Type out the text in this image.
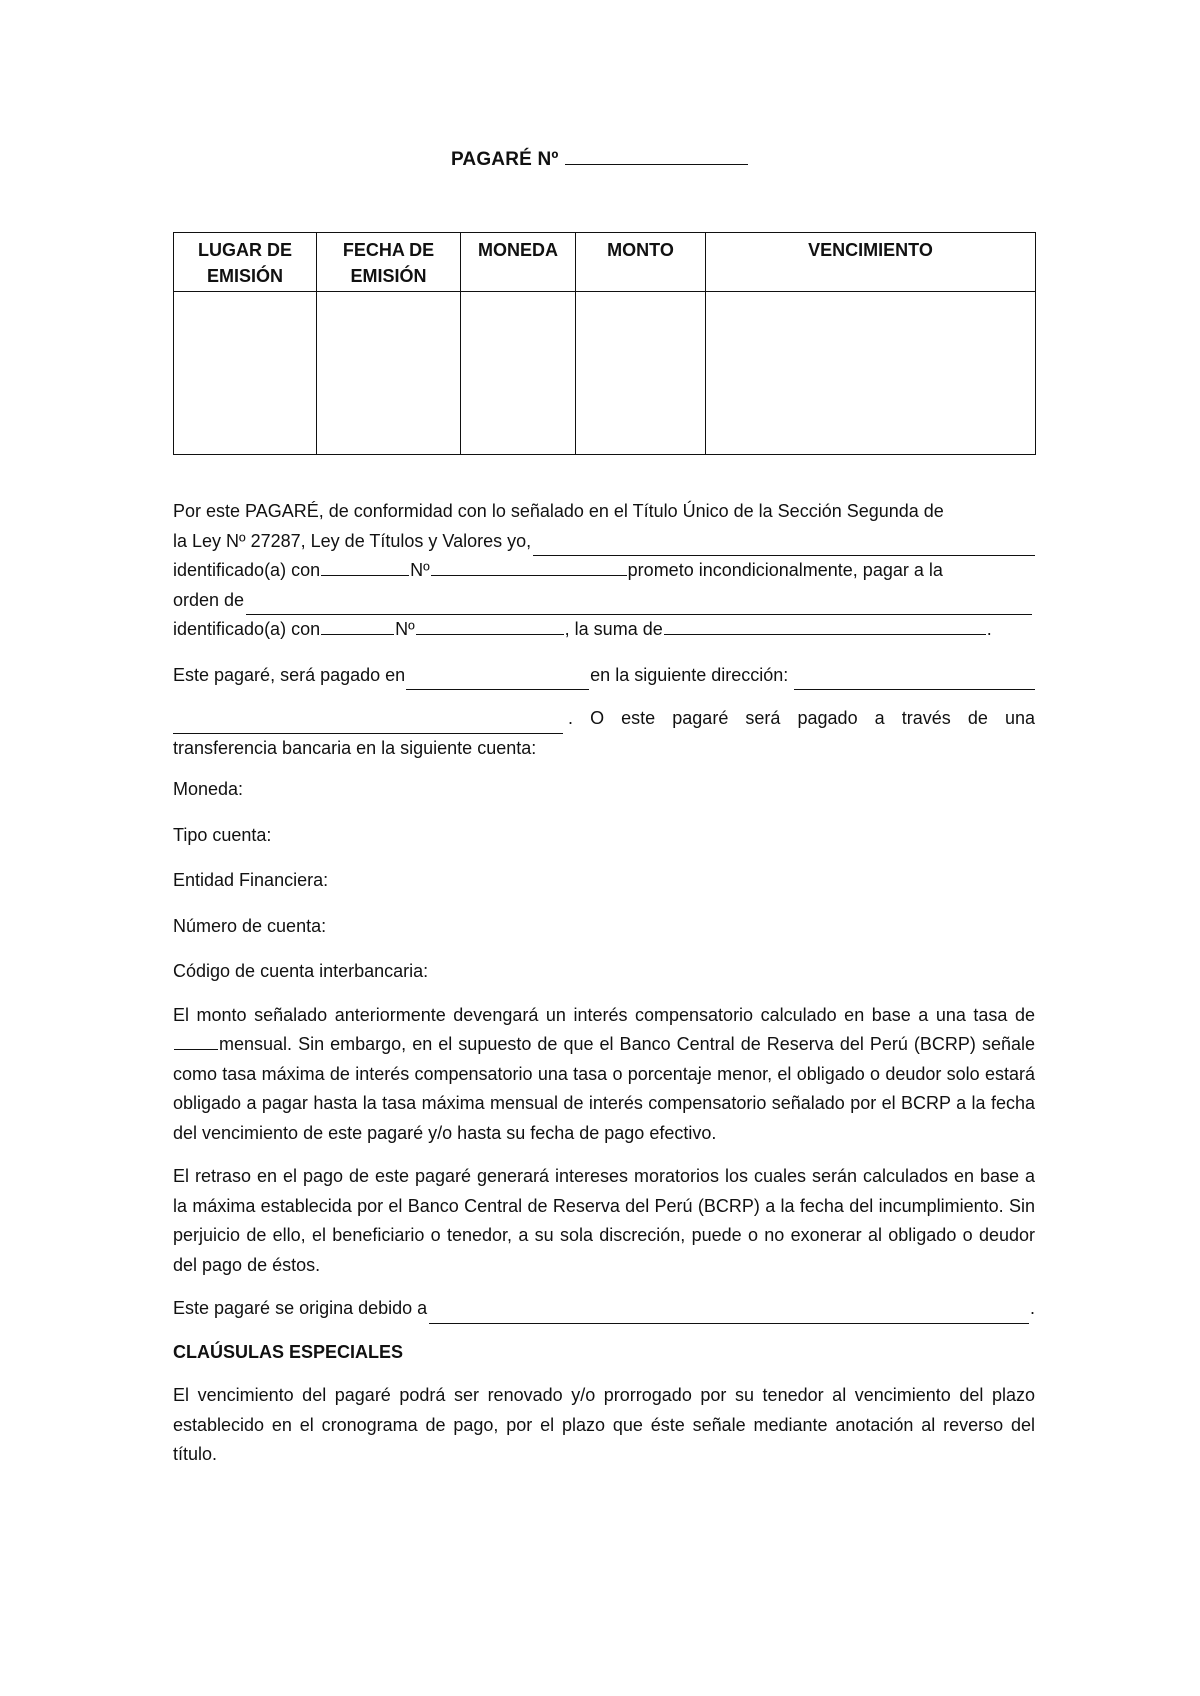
PAGARÉ Nº
LUGAR DE EMISIÓN	FECHA DE EMISIÓN	MONEDA	MONTO	VENCIMIENTO

Por este PAGARÉ, de conformidad con lo señalado en el Título Único de la Sección Segunda de
la Ley Nº 27287, Ley de Títulos y Valores yo,
identificado(a) con	Nº	prometo incondicionalmente, pagar a la
orden de
identificado(a) con	Nº	, la suma de	.

Este pagaré, será pagado en	en la siguiente dirección:
. O este pagaré será pagado a través de una
transferencia bancaria en la siguiente cuenta:

Moneda:

Tipo cuenta:

Entidad Financiera:

Número de cuenta:

Código de cuenta interbancaria:

El monto señalado anteriormente devengará un interés compensatorio calculado en base a una tasa demensual. Sin embargo, en el supuesto de que el Banco Central de Reserva del Perú (BCRP) señale como tasa máxima de interés compensatorio una tasa o porcentaje menor, el obligado o deudor solo estará obligado a pagar hasta la tasa máxima mensual de interés compensatorio señalado por el BCRP a la fecha del vencimiento de este pagaré y/o hasta su fecha de pago efectivo.

El retraso en el pago de este pagaré generará intereses moratorios los cuales serán calculados en base a la máxima establecida por el Banco Central de Reserva del Perú (BCRP) a la fecha del incumplimiento. Sin perjuicio de ello, el beneficiario o tenedor, a su sola discreción, puede o no exonerar al obligado o deudor del pago de éstos.

Este pagaré se origina debido a	.

CLAÚSULAS ESPECIALES

El vencimiento del pagaré podrá ser renovado y/o prorrogado por su tenedor al vencimiento del plazo establecido en el cronograma de pago, por el plazo que éste señale mediante anotación al reverso del título.
